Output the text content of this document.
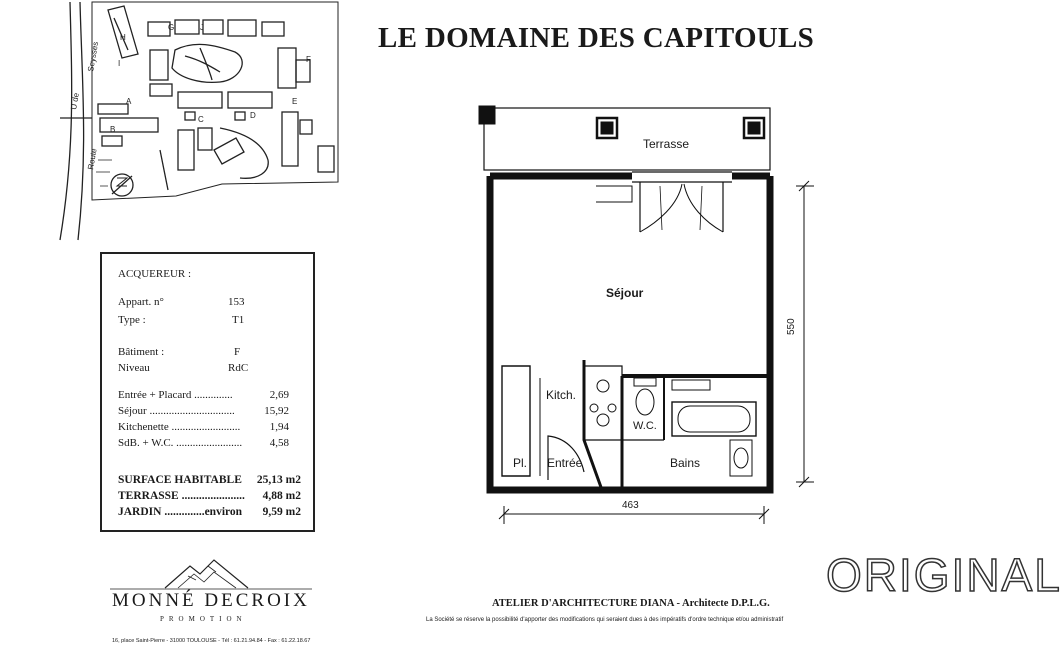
A
B
C	D
E
F
H
I
J
G
Route
Seysses
U de
Terrasse
Séjour
Kitch.
W.C.
Pl. Entrée	Bains
463
550
LE DOMAINE DES CAPITOULS
ACQUEREUR :
Appart. n°	153
Type :	T1
Bâtiment :	F
Niveau	RdC
Entrée + Placard ..............	2,69
Séjour ...............................	15,92
Kitchenette .........................	1,94
SdB. + W.C. ........................	4,58
SURFACE HABITABLE 25,13 m2
TERRASSE ...................... 4,88 m2
JARDIN ..............environ 9,59 m2
MONNÉ DECROIX
PROMOTION
16, place Saint-Pierre - 31000 TOULOUSE - Tél : 61.21.94.84 - Fax : 61.22.18.67
ATELIER D'ARCHITECTURE DIANA - Architecte D.P.L.G.
La Société se réserve la possibilité d'apporter des modifications qui seraient dues à des impératifs d'ordre technique et/ou administratif
ORIGINAL
